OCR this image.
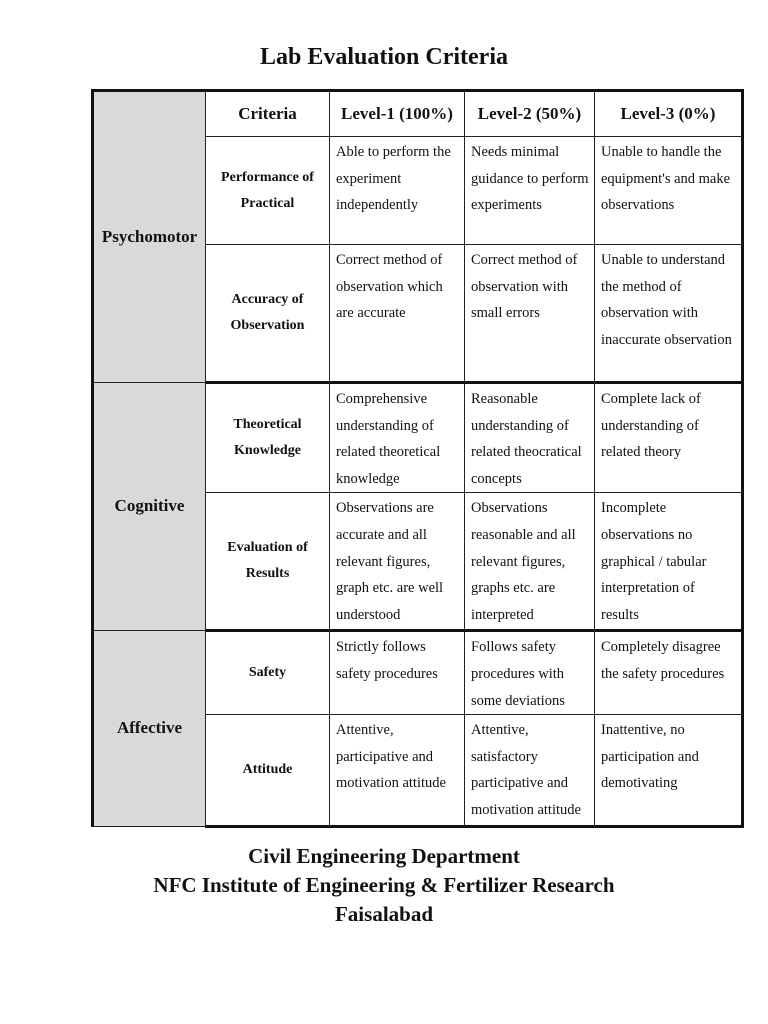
Lab Evaluation Criteria
Psychomotor	Criteria	Level-1 (100%)	Level-2 (50%)	Level-3 (0%)
	Performance of Practical	Able to perform the experiment independently	Needs minimal guidance to perform experiments	Unable to handle the equipment's and make observations

	Accuracy of Observation	Correct method of observation which are accurate	Correct method of observation with small errors	Unable to understand the method of observation with inaccurate observation

Cognitive	Theoretical Knowledge	Comprehensive understanding of related theoretical knowledge	Reasonable understanding of related theocratical concepts	Complete lack of understanding of related theory

	Evaluation of Results	Observations are accurate and all relevant figures, graph etc. are well understood	Observations reasonable and all relevant figures, graphs etc. are interpreted	Incomplete observations no graphical / tabular interpretation of results

Affective	Safety	Strictly follows safety procedures	Follows safety procedures with some deviations	Completely disagree the safety procedures

	Attitude	Attentive, participative and motivation attitude	Attentive, satisfactory participative and motivation attitude	Inattentive, no participation and demotivating
Civil Engineering Department
NFC Institute of Engineering & Fertilizer Research
Faisalabad
